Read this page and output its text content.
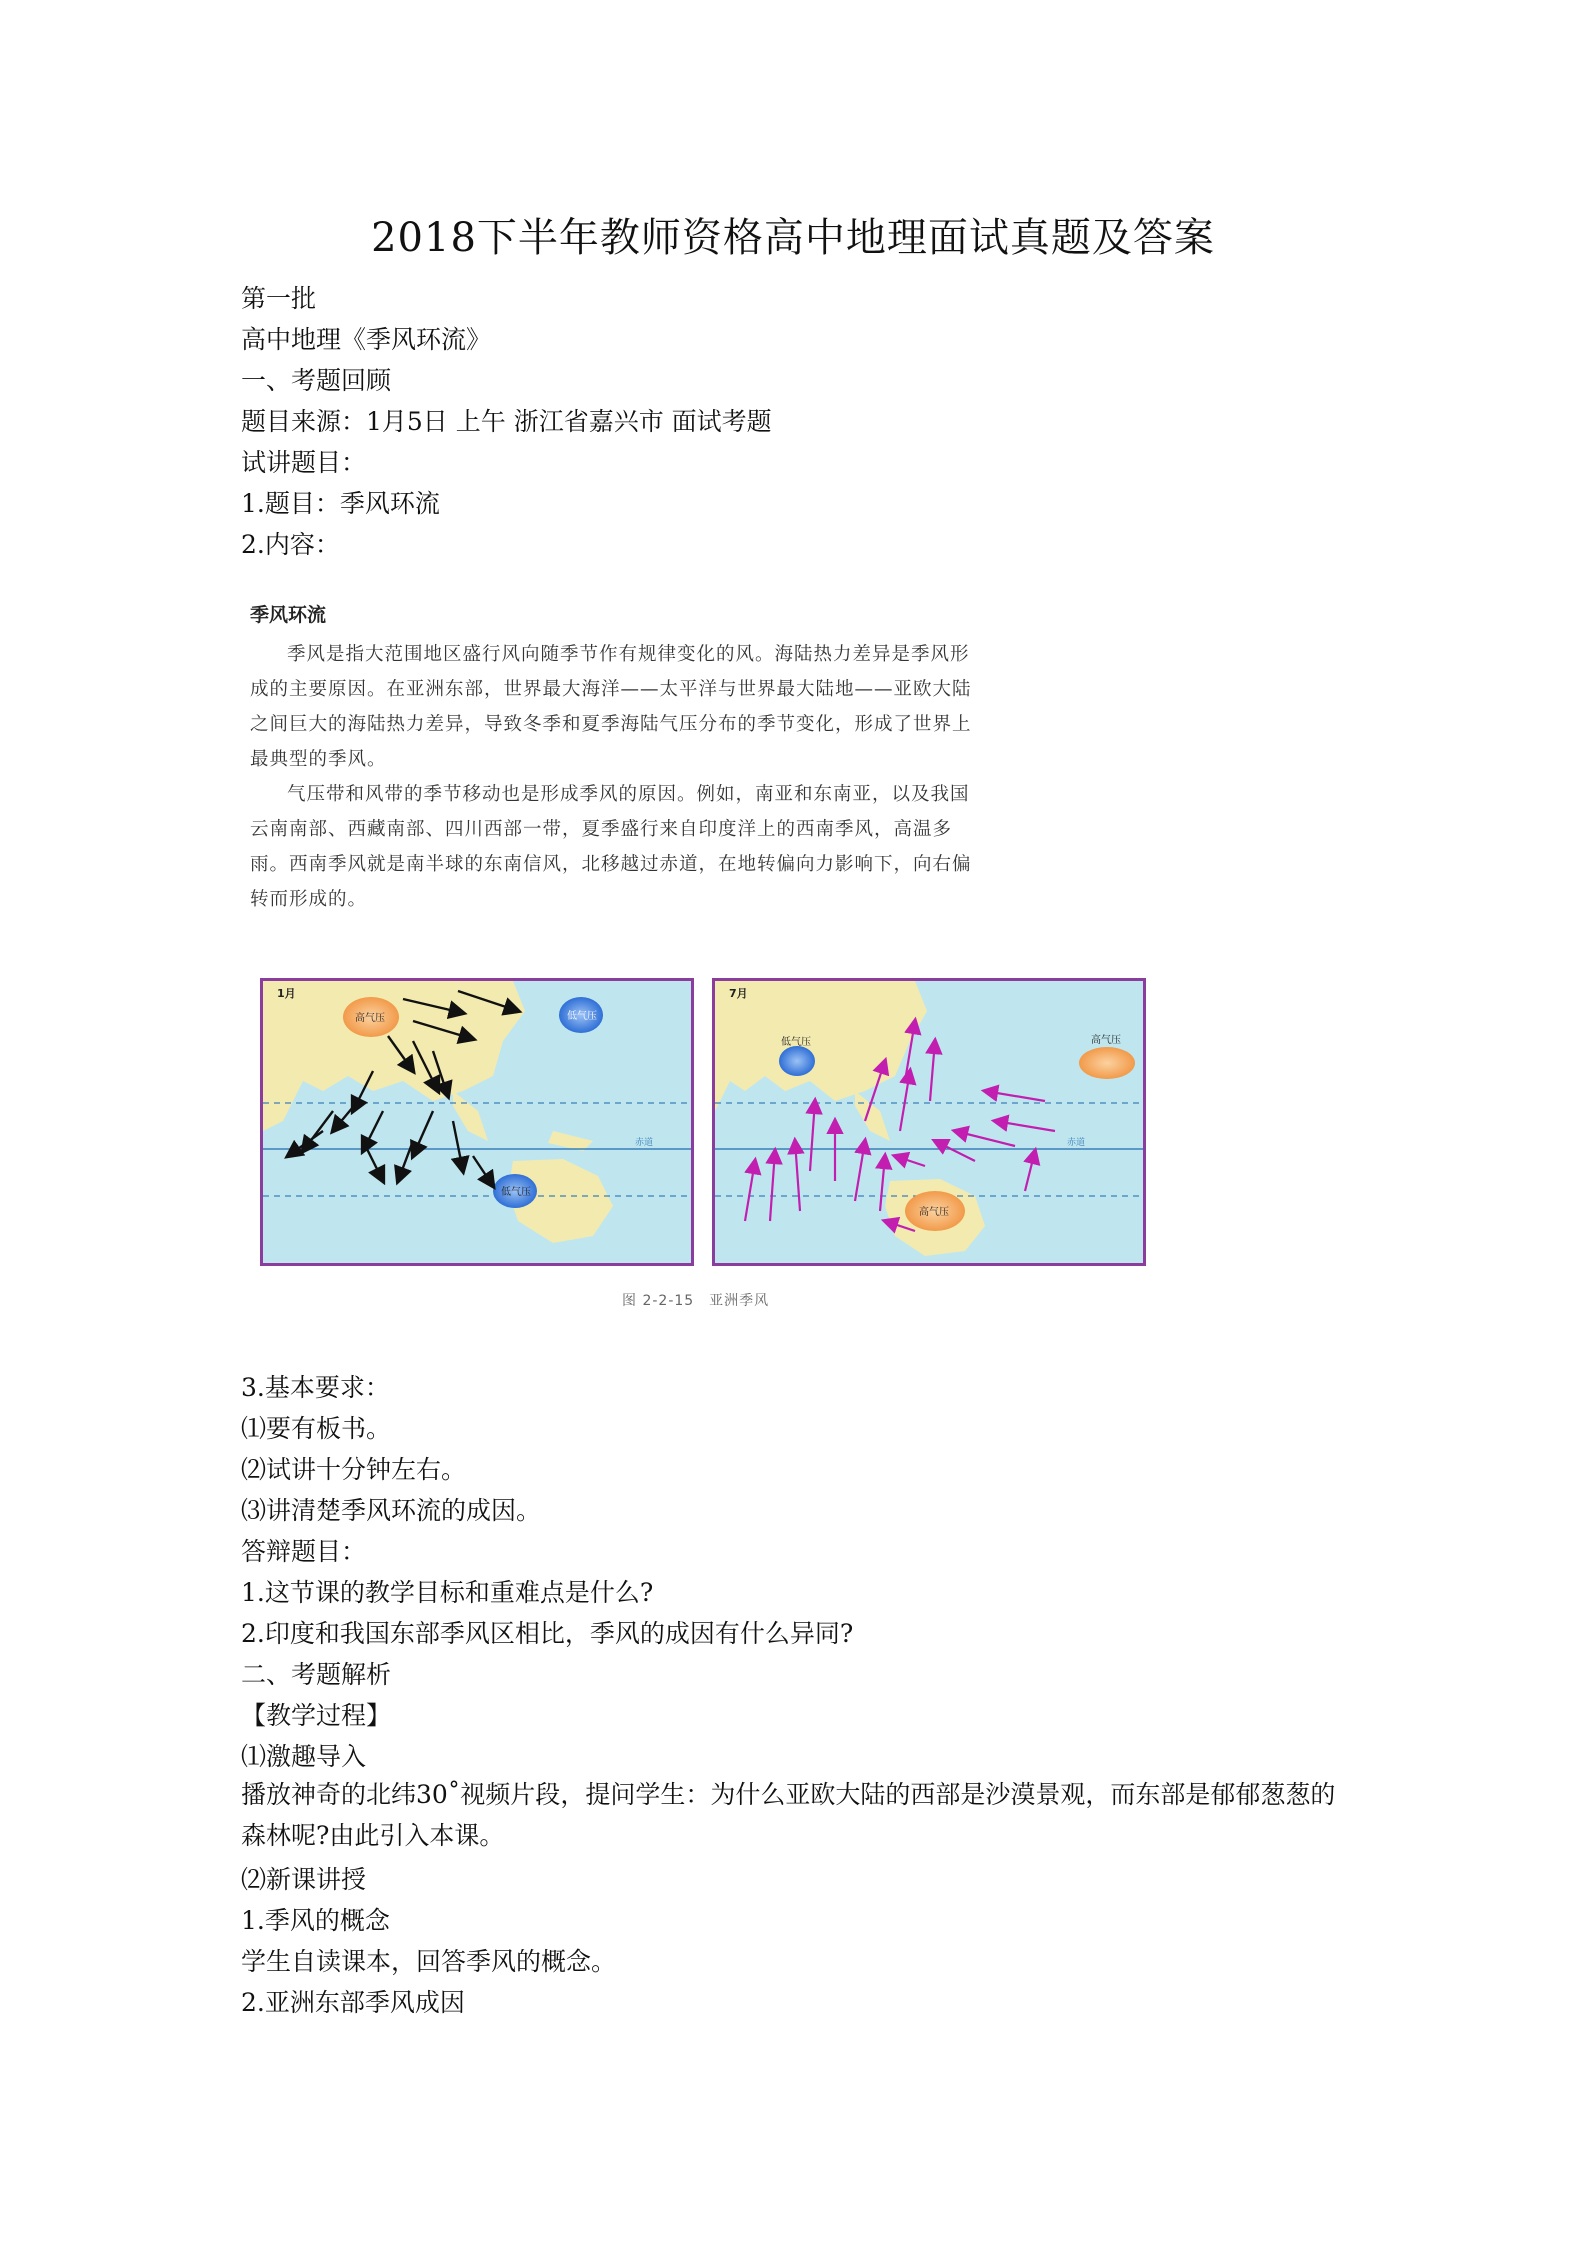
2018下半年教师资格高中地理面试真题及答案
第一批
高中地理《季风环流》
一、考题回顾
题目来源：1月5日 上午 浙江省嘉兴市 面试考题
试讲题目：
1.题目：季风环流
2.内容：
季风环流

季风是指大范围地区盛行风向随季节作有规律变化的风。海陆热力差异是季风形成的主要原因。在亚洲东部，世界最大海洋——太平洋与世界最大陆地——亚欧大陆之间巨大的海陆热力差异，导致冬季和夏季海陆气压分布的季节变化，形成了世界上最典型的季风。

气压带和风带的季节移动也是形成季风的原因。例如，南亚和东南亚，以及我国云南南部、西藏南部、四川西部一带，夏季盛行来自印度洋上的西南季风，高温多雨。西南季风就是南半球的东南信风，北移越过赤道，在地转偏向力影响下，向右偏转而形成的。

1月
高气压	低气压
低气压
赤道
7月
低气压	高气压
高气压
赤道
图 2-2-15　亚洲季风
3.基本要求：
⑴要有板书。
⑵试讲十分钟左右。
⑶讲清楚季风环流的成因。
答辩题目：
1.这节课的教学目标和重难点是什么?
2.印度和我国东部季风区相比，季风的成因有什么异同?
二、考题解析
【教学过程】
⑴激趣导入
播放神奇的北纬30˚视频片段，提问学生：为什么亚欧大陆的西部是沙漠景观，而东部是郁郁葱葱的森林呢?由此引入本课。
⑵新课讲授
1.季风的概念
学生自读课本，回答季风的概念。
2.亚洲东部季风成因
